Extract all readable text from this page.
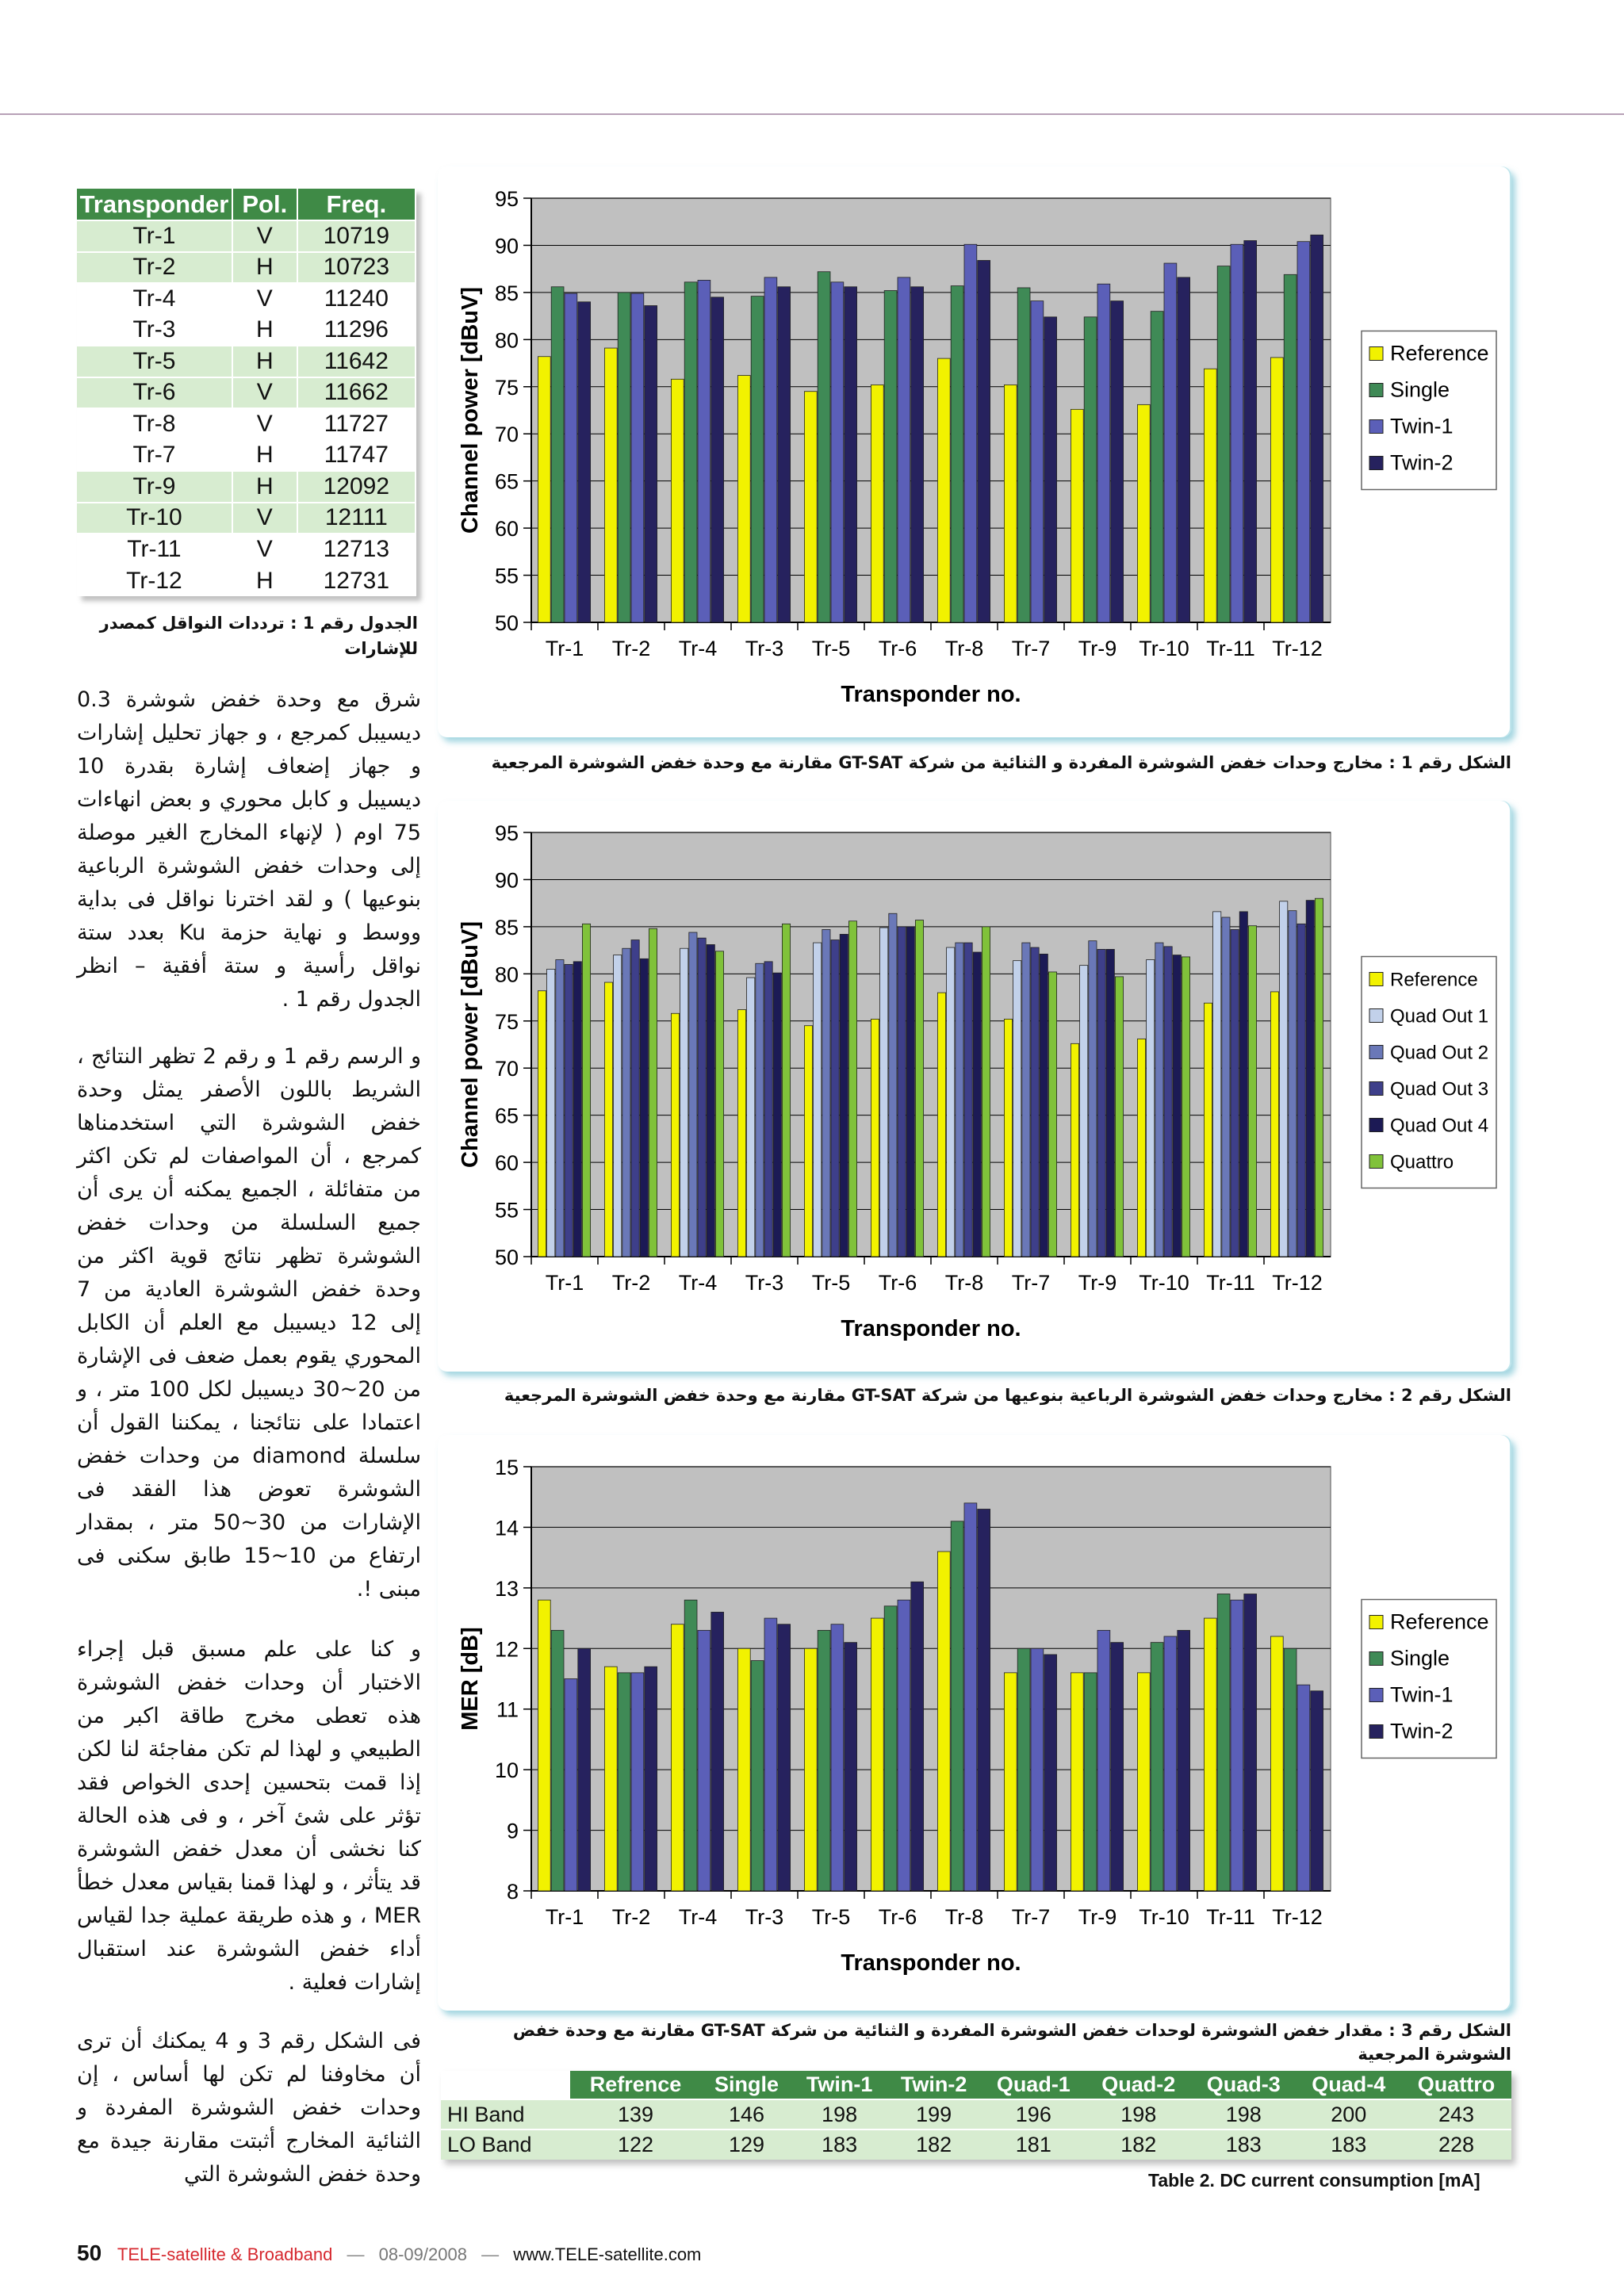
Transponder	Pol.	Freq.
Tr-1	V	10719
Tr-2	H	10723
Tr-4	V	11240
Tr-3	H	11296
Tr-5	H	11642
Tr-6	V	11662
Tr-8	V	11727
Tr-7	H	11747
Tr-9	H	12092
Tr-10	V	12111
Tr-11	V	12713
Tr-12	H	12731
الجدول رقم 1 : ترددات النواقل كمصدر للإشارات
شرق مع وحدة خفض شوشرة 0.3 ديسيبل كمرجع ، و جهاز تحليل إشارات و جهاز إضعاف إشارة بقدرة 10 ديسيبل و كابل محوري و بعض انهاءات 75 اوم ( لإنهاء المخارج الغير موصلة إلى وحدات خفض الشوشرة الرباعية بنوعيها ) و لقد اخترنا نواقل فى بداية ووسط و نهاية حزمة Ku بعدد ستة نواقل رأسية و ستة أفقية – انظر الجدول رقم 1 .
و الرسم رقم 1 و رقم 2 تظهر النتائج ، الشريط باللون الأصفر يمثل وحدة خفض الشوشرة التي استخدمناها كمرجع ، أن المواصفات لم تكن اكثر من متفائلة ، الجميع يمكنه أن يرى أن جميع السلسلة من وحدات خفض الشوشرة تظهر نتائج قوية اكثر من وحدة خفض الشوشرة العادية من 7 إلى 12 ديسيبل مع العلم أن الكابل المحوري يقوم بعمل ضعف فى الإشارة من 20~30 ديسيبل لكل 100 متر ، و اعتمادا على نتائجنا ، يمكننا القول أن سلسلة diamond من وحدات خفض الشوشرة تعوض هذا الفقد فى الإشارات من 30~50 متر ، بمقدار ارتفاع من 10~15 طابق سكنى فى مبنى !.
و كنا على علم مسبق قبل إجراء الاختبار أن وحدات خفض الشوشرة هذه تعطى مخرج طاقة اكبر من الطبيعي و لهذا لم تكن مفاجئة لنا لكن إذا قمت بتحسين إحدى الخواص فقد تؤثر على شئ آخر ، و فى هذه الحالة كنا نخشى أن معدل خفض الشوشرة قد يتأثر ، و لهذا قمنا بقياس معدل خطأ MER ، و هذه طريقة عملية جدا لقياس أداء خفض الشوشرة عند استقبال إشارات فعلية .
فى الشكل رقم 3 و 4 يمكنك أن ترى أن مخاوفنا لم تكن لها أساس ، إن وحدات خفض الشوشرة المفردة و الثنائية المخارج أثبتت مقارنة جيدة مع وحدة خفض الشوشرة التي
50
55
60
65
70
75
80
85
90
95
Tr-1 Tr-2 Tr-4 Tr-3 Tr-5 Tr-6 Tr-8 Tr-7 Tr-9 Tr-10 Tr-11 Tr-12
Transponder no.
Channel power [dBuV]	Reference
Single
Twin-1
Twin-2
الشكل رقم 1 : مخارج وحدات خفض الشوشرة المفردة و الثنائية من شركة GT-SAT مقارنة مع وحدة خفض الشوشرة المرجعية
50
55
60
65
70
75
80
85
90
95
Tr-1 Tr-2 Tr-4 Tr-3 Tr-5 Tr-6 Tr-8 Tr-7 Tr-9 Tr-10 Tr-11 Tr-12
Transponder no.
Channel power [dBuV]	Reference
Quad Out 1
Quad Out 2
Quad Out 3
Quad Out 4
Quattro
الشكل رقم 2 : مخارج وحدات خفض الشوشرة الرباعية بنوعيها من شركة GT-SAT مقارنة مع وحدة خفض الشوشرة المرجعية
8
9
10
11
12
13
14
15
Tr-1 Tr-2 Tr-4 Tr-3 Tr-5 Tr-6 Tr-8 Tr-7 Tr-9 Tr-10 Tr-11 Tr-12
Transponder no.
MER [dB]
Reference
Single
Twin-1
Twin-2
الشكل رقم 3 : مقدار خفض الشوشرة لوحدات خفض الشوشرة المفردة و الثنائية من شركة GT-SAT مقارنة مع وحدة خفض الشوشرة المرجعية
	Refrence	Single	Twin-1	Twin-2	Quad-1	Quad-2	Quad-3	Quad-4	Quattro
HI Band	139	146	198	199	196	198	198	200	243
LO Band	122	129	183	182	181	182	183	183	228
Table 2. DC current consumption [mA]
50 TELE-satellite & Broadband — 08-09/2008 — www.TELE-satellite.com
